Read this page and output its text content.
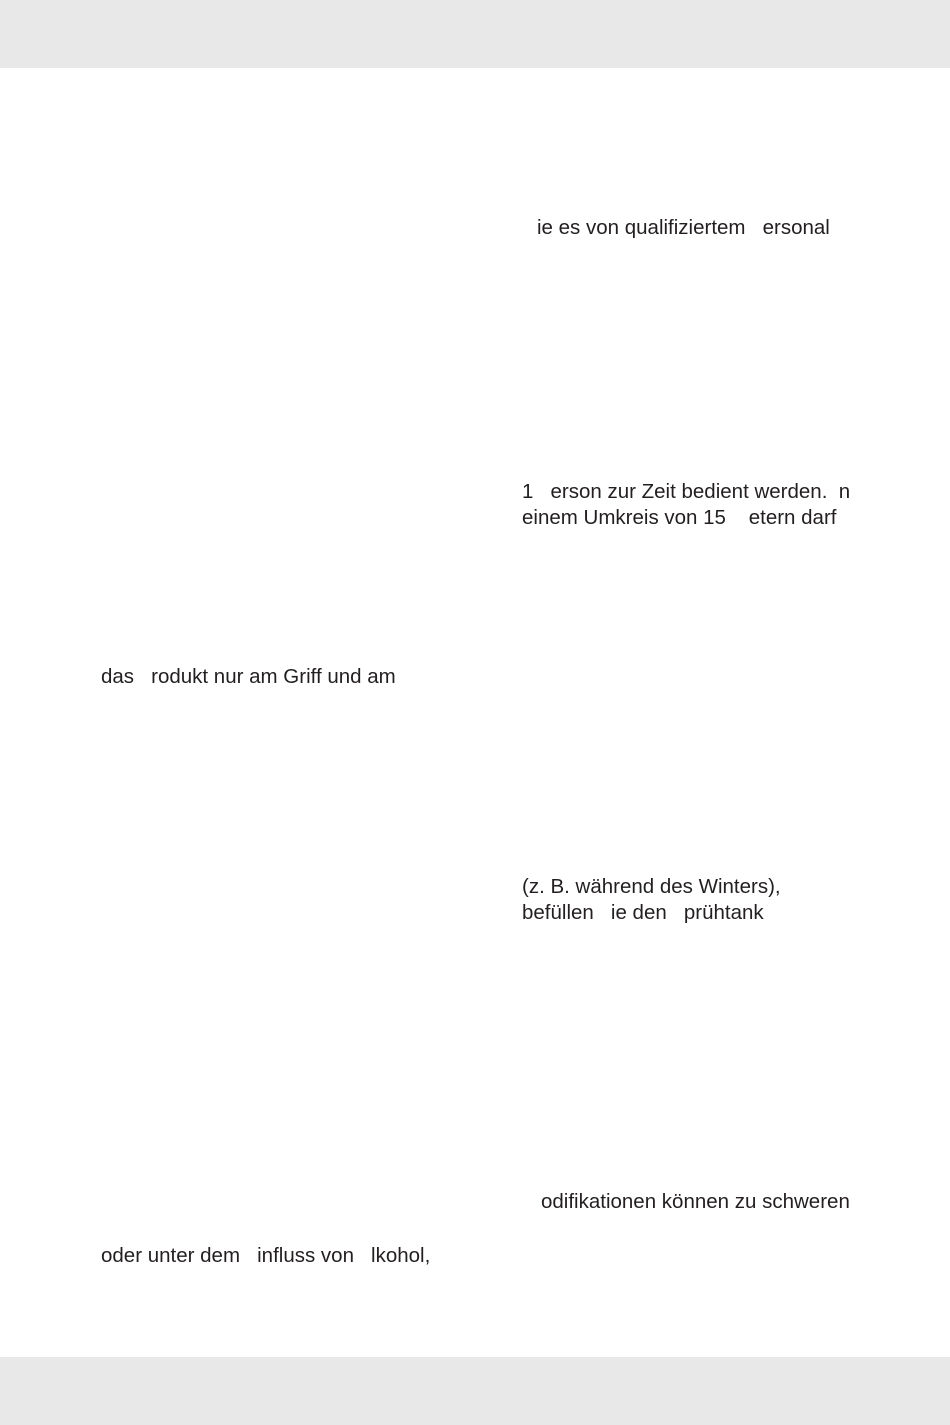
ie es von qualifiziertem   ersonal

1   erson zur Zeit bedient werden.  n

einem Umkreis von 15    etern darf

das   rodukt nur am Griff und am

(z. B. während des Winters),

befüllen   ie den   prühtank

odifikationen können zu schweren

oder unter dem   influss von   lkohol,
